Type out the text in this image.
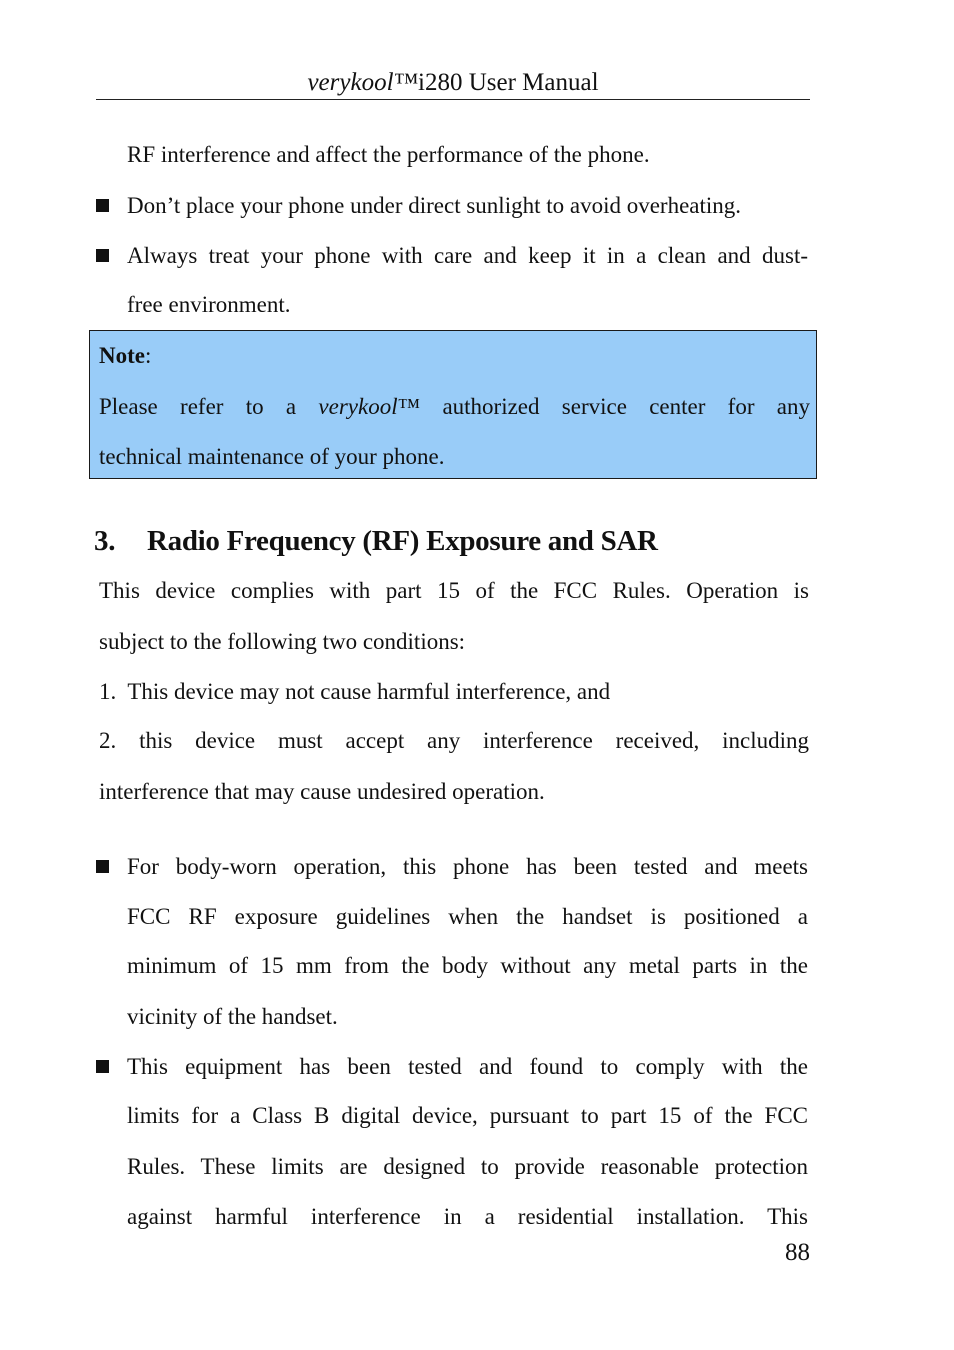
verykool™i280 User Manual
RF interference and affect the performance of the phone.
Don’t place your phone under direct sunlight to avoid overheating.
Always treat your phone with care and keep it in a clean and dust-
free environment.
Note:
Please refer to a verykool™ authorized service center for any
technical maintenance of your phone.
3. Radio Frequency (RF) Exposure and SAR
This device complies with part 15 of the FCC Rules. Operation is
subject to the following two conditions:
1.  This device may not cause harmful interference, and
2. this device must accept any interference received, including
interference that may cause undesired operation.
For body-worn operation, this phone has been tested and meets
FCC RF exposure guidelines when the handset is positioned a
minimum of 15 mm from the body without any metal parts in the
vicinity of the handset.
This equipment has been tested and found to comply with the
limits for a Class B digital device, pursuant to part 15 of the FCC
Rules. These limits are designed to provide reasonable protection
against harmful interference in a residential installation. This
88
